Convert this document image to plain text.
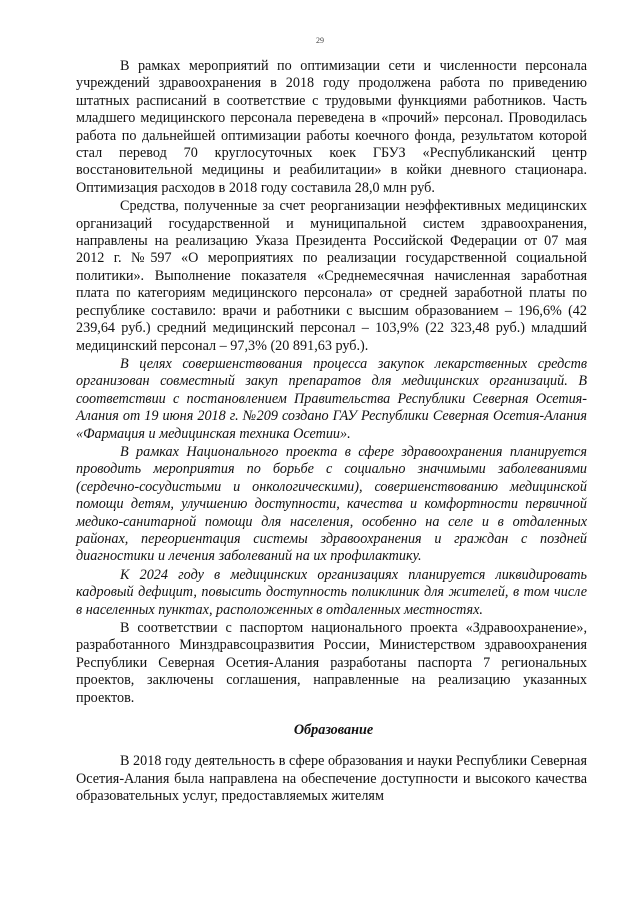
29

В рамках мероприятий по оптимизации сети и численности персонала учреждений здравоохранения в 2018 году продолжена работа по приведению штатных расписаний в соответствие с трудовыми функциями работников. Часть младшего медицинского персонала переведена в «прочий» персонал. Проводилась работа по дальнейшей оптимизации работы коечного фонда, результатом которой стал перевод 70 круглосуточных коек ГБУЗ «Республиканский центр восстановительной медицины и реабилитации» в койки дневного стационара. Оптимизация расходов в 2018 году составила 28,0 млн руб.

Средства, полученные за счет реорганизации неэффективных медицинских организаций государственной и муниципальной систем здравоохранения, направлены на реализацию Указа Президента Российской Федерации от 07 мая 2012 г. №597 «О мероприятиях по реализации государственной социальной политики». Выполнение показателя «Среднемесячная начисленная заработная плата по категориям медицинского персонала» от средней заработной платы по республике составило: врачи и работники с высшим образованием – 196,6% (42 239,64 руб.) средний медицинский персонал – 103,9% (22 323,48 руб.) младший медицинский персонал – 97,3% (20 891,63 руб.).

В целях совершенствования процесса закупок лекарственных средств организован совместный закуп препаратов для медицинских организаций. В соответствии с постановлением Правительства Республики Северная Осетия-Алания от 19 июня 2018 г. №209 создано ГАУ Республики Северная Осетия-Алания «Фармация и медицинская техника Осетии».

В рамках Национального проекта в сфере здравоохранения планируется проводить мероприятия по борьбе с социально значимыми заболеваниями (сердечно-сосудистыми и онкологическими), совершенствованию медицинской помощи детям, улучшению доступности, качества и комфортности первичной медико-санитарной помощи для населения, особенно на селе и в отдаленных районах, переориентация системы здравоохранения и граждан с поздней диагностики и лечения заболеваний на их профилактику.

К 2024 году в медицинских организациях планируется ликвидировать кадровый дефицит, повысить доступность поликлиник для жителей, в том числе в населенных пунктах, расположенных в отдаленных местностях.

В соответствии с паспортом национального проекта «Здравоохранение», разработанного Минздравсоцразвития России, Министерством здравоохранения Республики Северная Осетия-Алания разработаны паспорта 7 региональных проектов, заключены соглашения, направленные на реализацию указанных проектов.

Образование

В 2018 году деятельность в сфере образования и науки Республики Северная Осетия-Алания была направлена на обеспечение доступности и высокого качества образовательных услуг, предоставляемых жителям
